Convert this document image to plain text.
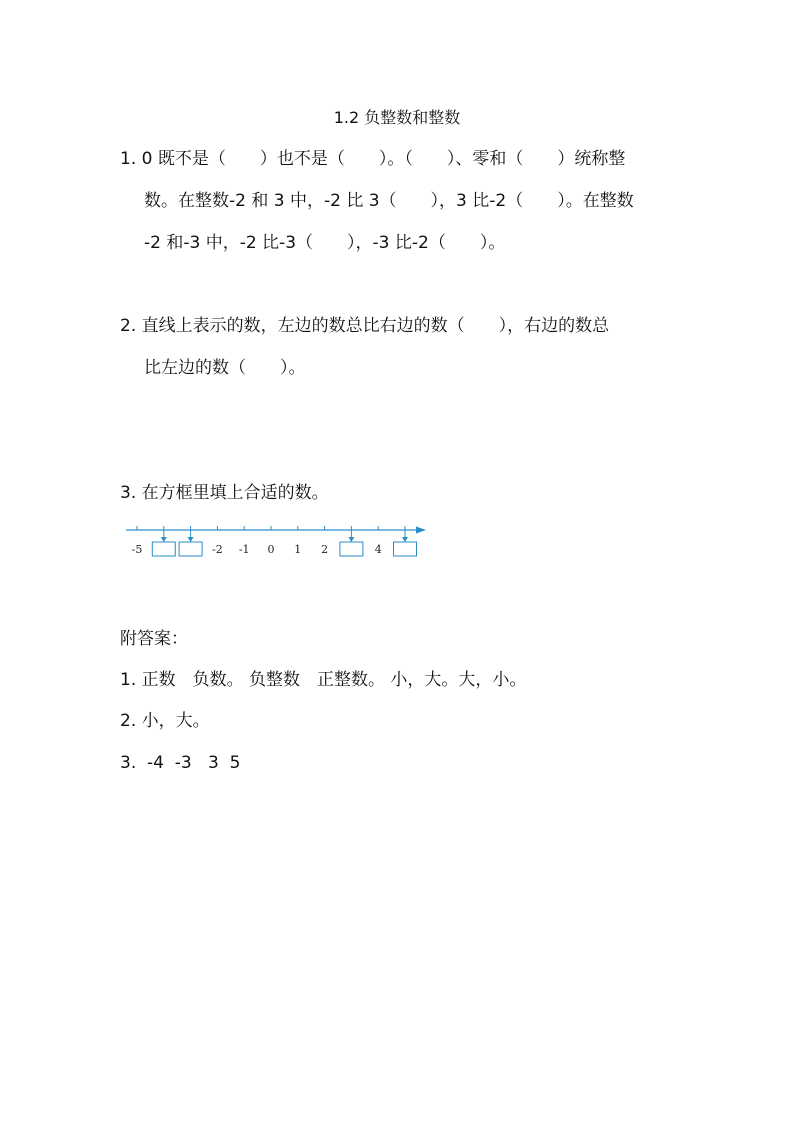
1.2 负整数和整数
1. 0 既不是（　　）也不是（　　）。（　　）、零和（　　）统称整
数。在整数-2 和 3 中，-2 比 3（　　），3 比-2（　　）。在整数
-2 和-3 中，-2 比-3（　　），-3 比-2（　　）。
2. 直线上表示的数，左边的数总比右边的数（　　），右边的数总
比左边的数（　　）。
3. 在方框里填上合适的数。
-5	-2 -1 0 1 2	4
附答案：
1. 正数　负数。 负整数　正整数。 小，大。大，小。
2. 小，大。
3.  -4  -3   3  5
